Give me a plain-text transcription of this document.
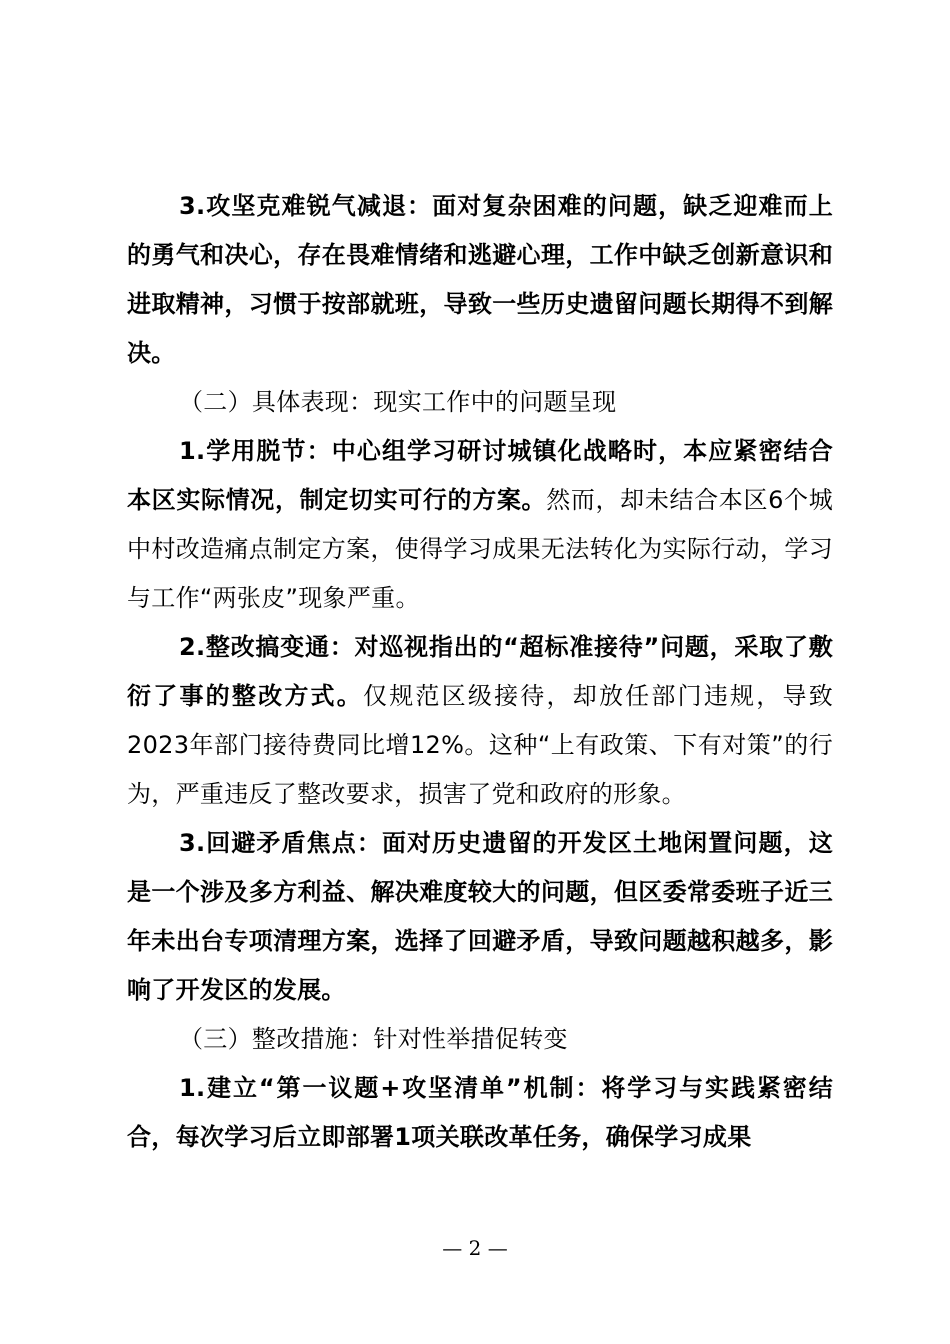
3.攻坚克难锐气减退：面对复杂困难的问题，缺乏迎难而上的勇气和决心，存在畏难情绪和逃避心理，工作中缺乏创新意识和进取精神，习惯于按部就班，导致一些历史遗留问题长期得不到解决。

（二）具体表现：现实工作中的问题呈现

1.学用脱节：中心组学习研讨城镇化战略时，本应紧密结合本区实际情况，制定切实可行的方案。然而，却未结合本区6个城中村改造痛点制定方案，使得学习成果无法转化为实际行动，学习与工作“两张皮”现象严重。

2.整改搞变通：对巡视指出的“超标准接待”问题，采取了敷衍了事的整改方式。仅规范区级接待，却放任部门违规，导致2023年部门接待费同比增12%。这种“上有政策、下有对策”的行为，严重违反了整改要求，损害了党和政府的形象。

3.回避矛盾焦点：面对历史遗留的开发区土地闲置问题，这是一个涉及多方利益、解决难度较大的问题，但区委常委班子近三年未出台专项清理方案，选择了回避矛盾，导致问题越积越多，影响了开发区的发展。

（三）整改措施：针对性举措促转变

1.建立“第一议题+攻坚清单”机制：将学习与实践紧密结合，每次学习后立即部署1项关联改革任务，确保学习成果

— 2 —
